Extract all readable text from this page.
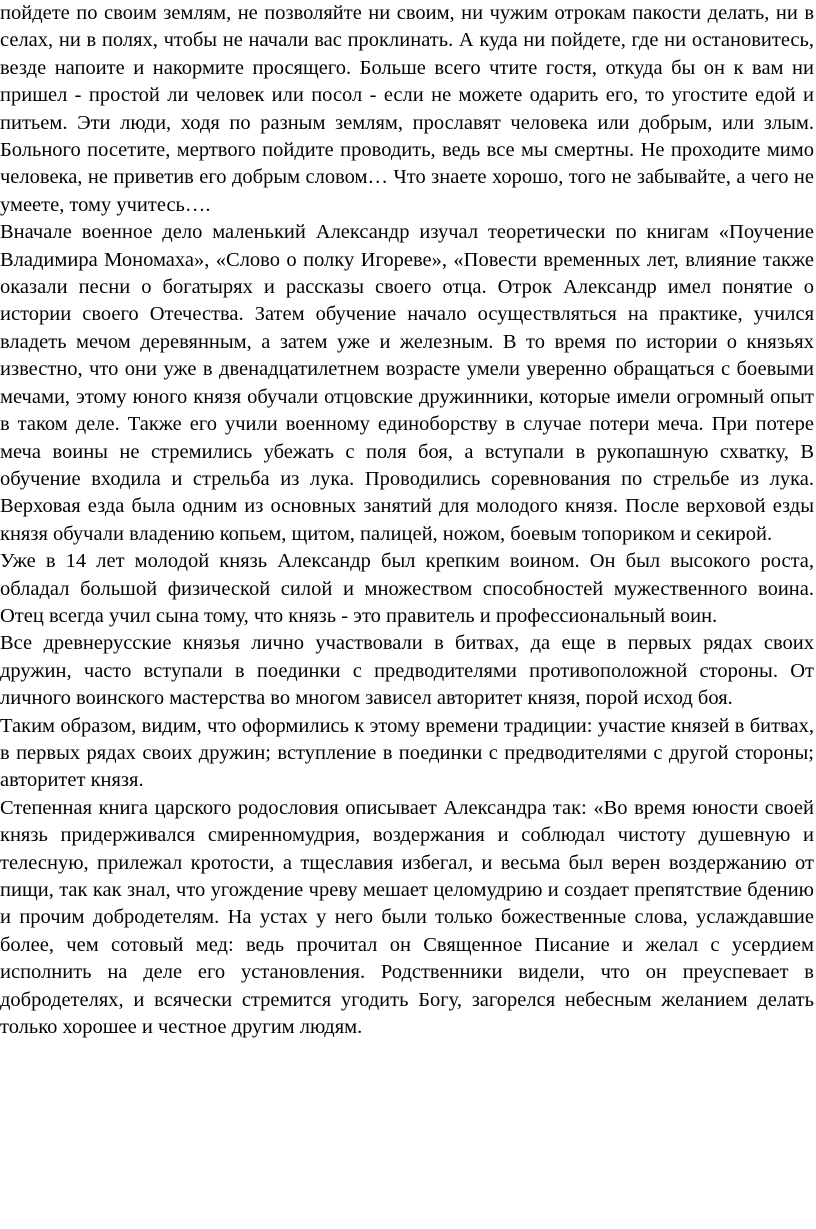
пойдете по своим землям, не позволяйте ни своим, ни чужим отрокам пакости делать, ни в селах, ни в полях, чтобы не начали вас проклинать. А куда ни пойдете, где ни остановитесь, везде напоите и накормите просящего. Больше всего чтите гостя, откуда бы он к вам ни пришел - простой ли человек или посол - если не можете одарить его, то угостите едой и питьем. Эти люди, ходя по разным землям, прославят человека или добрым, или злым. Больного посетите, мертвого пойдите проводить, ведь все мы смертны. Не проходите мимо человека, не приветив его добрым словом… Что знаете хорошо, того не забывайте, а чего не умеете, тому учитесь….

Вначале военное дело маленький Александр изучал теоретически по книгам «Поучение Владимира Мономаха», «Слово о полку Игореве», «Повести временных лет, влияние также оказали песни о богатырях и рассказы своего отца. Отрок Александр имел понятие о истории своего Отечества. Затем обучение начало осуществляться на практике, учился владеть мечом деревянным, а затем уже и железным. В то время по истории о князьях известно, что они уже в двенадцатилетнем возрасте умели уверенно обращаться с боевыми мечами, этому юного князя обучали отцовские дружинники, которые имели огромный опыт в таком деле. Также его учили военному единоборству в случае потери меча. При потере меча воины не стремились убежать с поля боя, а вступали в рукопашную схватку, В обучение входила и стрельба из лука. Проводились соревнования по стрельбе из лука. Верховая езда была одним из основных занятий для молодого князя. После верховой езды князя обучали владению копьем, щитом, палицей, ножом, боевым топориком и секирой.

Уже в 14 лет молодой князь Александр был крепким воином. Он был высокого роста, обладал большой физической силой и множеством способностей мужественного воина. Отец всегда учил сына тому, что князь - это правитель и профессиональный воин.

Все древнерусские князья лично участвовали в битвах, да еще в первых рядах своих дружин, часто вступали в поединки с предводителями противоположной стороны. От личного воинского мастерства во многом зависел авторитет князя, порой исход боя.

Таким образом, видим, что оформились к этому времени традиции: участие князей в битвах, в первых рядах своих дружин; вступление в поединки с предводителями с другой стороны; авторитет князя.

Степенная книга царского родословия описывает Александра так: «Во время юности своей князь придерживался смиренномудрия, воздержания и соблюдал чистоту душевную и телесную, прилежал кротости, а тщеславия избегал, и весьма был верен воздержанию от пищи, так как знал, что угождение чреву мешает целомудрию и создает препятствие бдению и прочим добродетелям. На устах у него были только божественные слова, услаждавшие более, чем сотовый мед: ведь прочитал он Священное Писание и желал с усердием исполнить на деле его установления. Родственники видели, что он преуспевает в добродетелях, и всячески стремится угодить Богу, загорелся небесным желанием делать только хорошее и честное другим людям.
